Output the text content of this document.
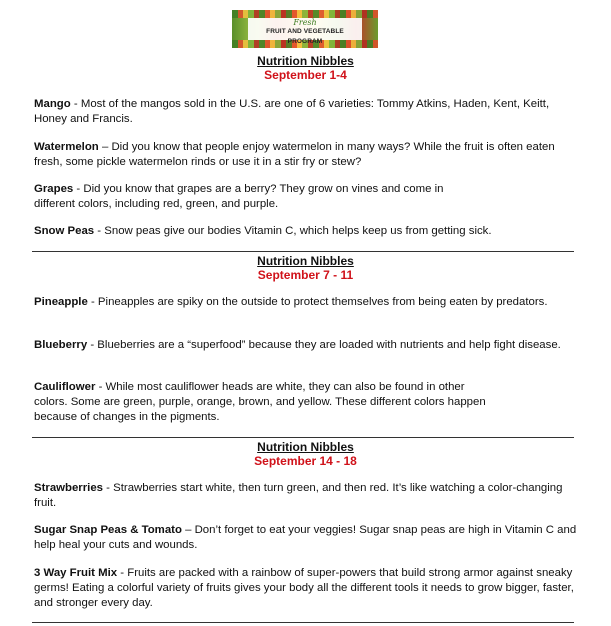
Fresh
FRUIT AND VEGETABLE PROGRAM
Nutrition Nibbles
September 1-4
Mango - Most of the mangos sold in the U.S. are one of 6 varieties: Tommy Atkins, Haden, Kent, Keitt, Honey and Francis.
Watermelon – Did you know that people enjoy watermelon in many ways? While the fruit is often eaten fresh, some pickle watermelon rinds or use it in a stir fry or stew?
Grapes - Did you know that grapes are a berry? They grow on vines and come in different colors, including red, green, and purple.
Snow Peas - Snow peas give our bodies Vitamin C, which helps keep us from getting sick.
Nutrition Nibbles
September 7 - 11
Pineapple - Pineapples are spiky on the outside to protect themselves from being eaten by predators.
Blueberry - Blueberries are a “superfood” because they are loaded with nutrients and help fight disease.
Cauliflower - While most cauliflower heads are white, they can also be found in other colors. Some are green, purple, orange, brown, and yellow. These different colors happen because of changes in the pigments.
Nutrition Nibbles
September 14 - 18
Strawberries - Strawberries start white, then turn green, and then red. It’s like watching a color-changing fruit.
Sugar Snap Peas & Tomato – Don’t forget to eat your veggies! Sugar snap peas are high in Vitamin C and help heal your cuts and wounds.
3 Way Fruit Mix - Fruits are packed with a rainbow of super-powers that build strong armor against sneaky germs! Eating a colorful variety of fruits gives your body all the different tools it needs to grow bigger, faster, and stronger every day.
